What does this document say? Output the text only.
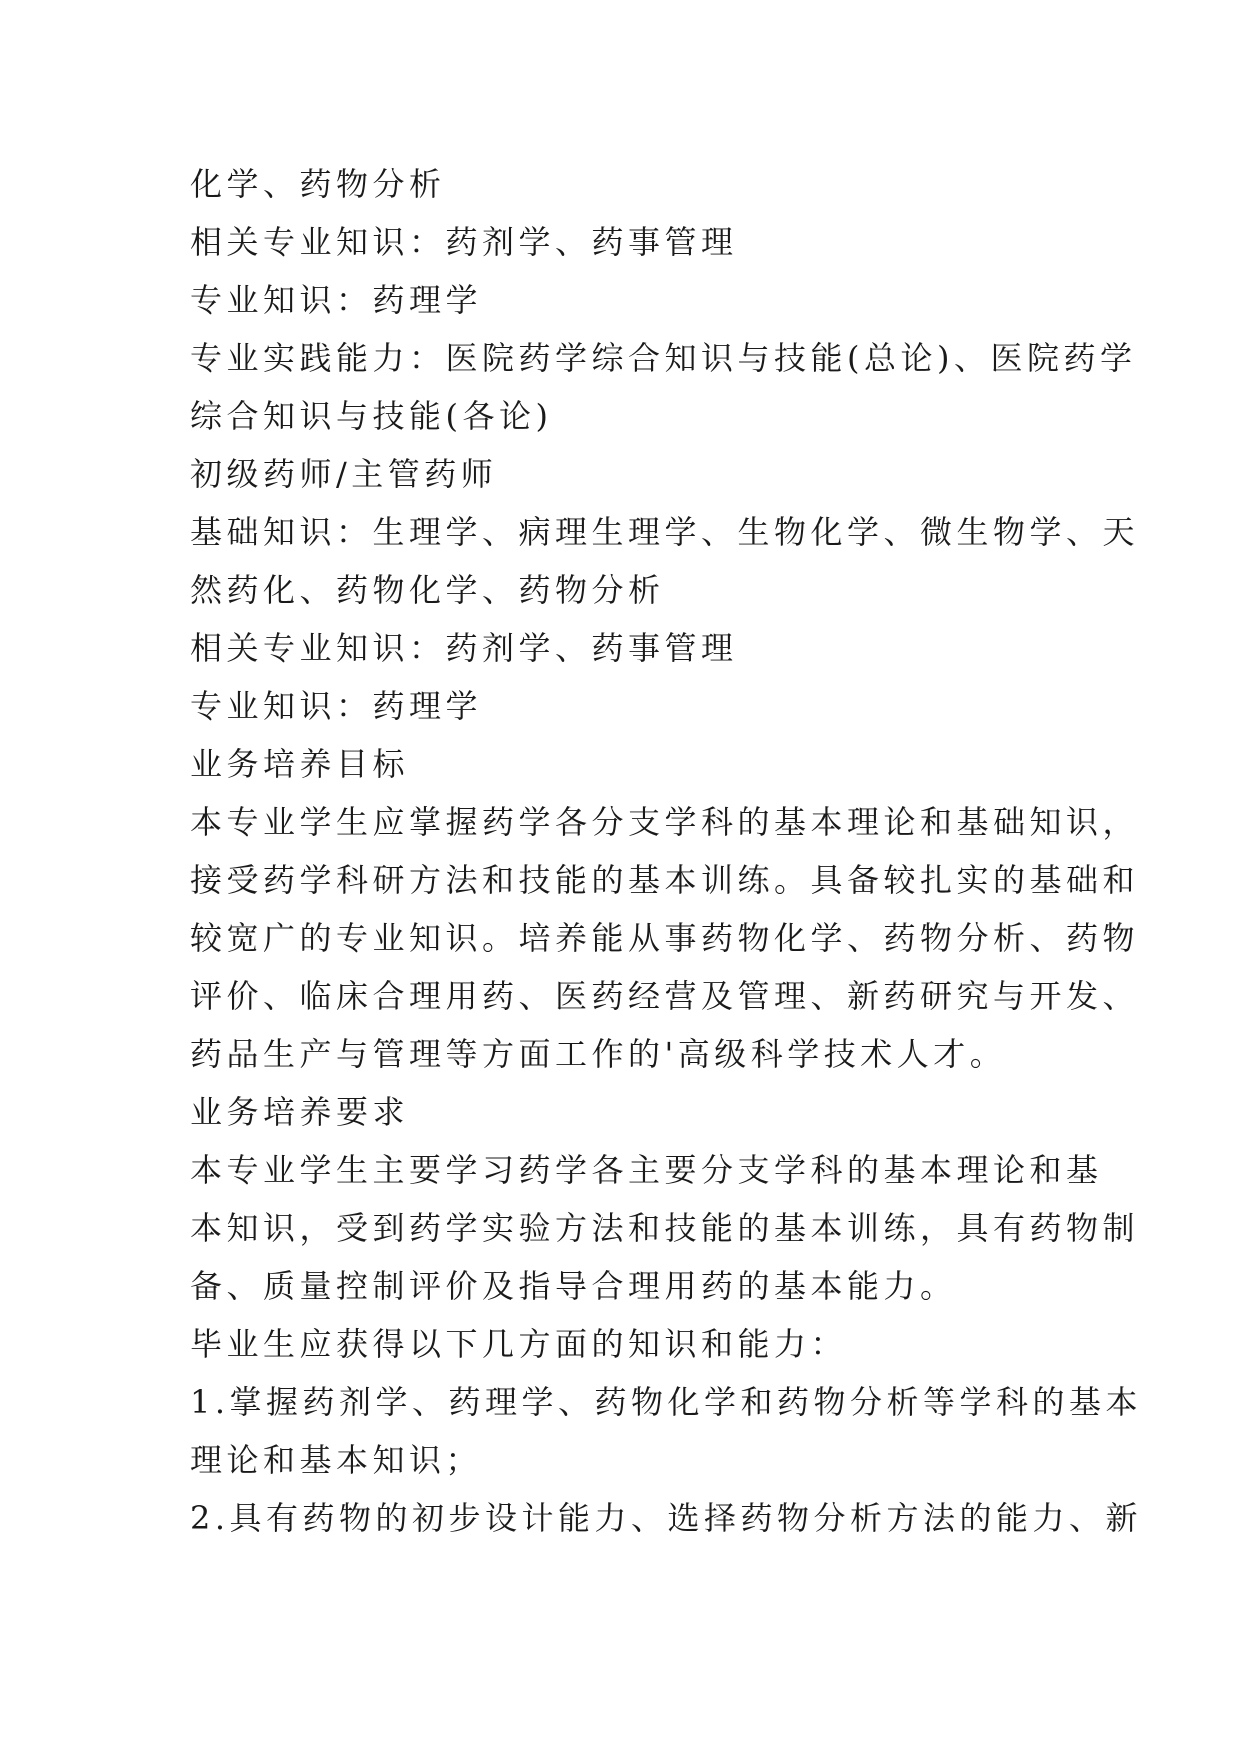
化学、药物分析
相关专业知识：药剂学、药事管理
专业知识：药理学
专业实践能力：医院药学综合知识与技能(总论)、医院药学
综合知识与技能(各论)
初级药师/主管药师
基础知识：生理学、病理生理学、生物化学、微生物学、天
然药化、药物化学、药物分析
相关专业知识：药剂学、药事管理
专业知识：药理学
业务培养目标
本专业学生应掌握药学各分支学科的基本理论和基础知识，
接受药学科研方法和技能的基本训练。具备较扎实的基础和
较宽广的专业知识。培养能从事药物化学、药物分析、药物
评价、临床合理用药、医药经营及管理、新药研究与开发、
药品生产与管理等方面工作的'高级科学技术人才。
业务培养要求
本专业学生主要学习药学各主要分支学科的基本理论和基
本知识，受到药学实验方法和技能的基本训练，具有药物制
备、质量控制评价及指导合理用药的基本能力。
毕业生应获得以下几方面的知识和能力：
1.掌握药剂学、药理学、药物化学和药物分析等学科的基本
理论和基本知识；
2.具有药物的初步设计能力、选择药物分析方法的能力、新
